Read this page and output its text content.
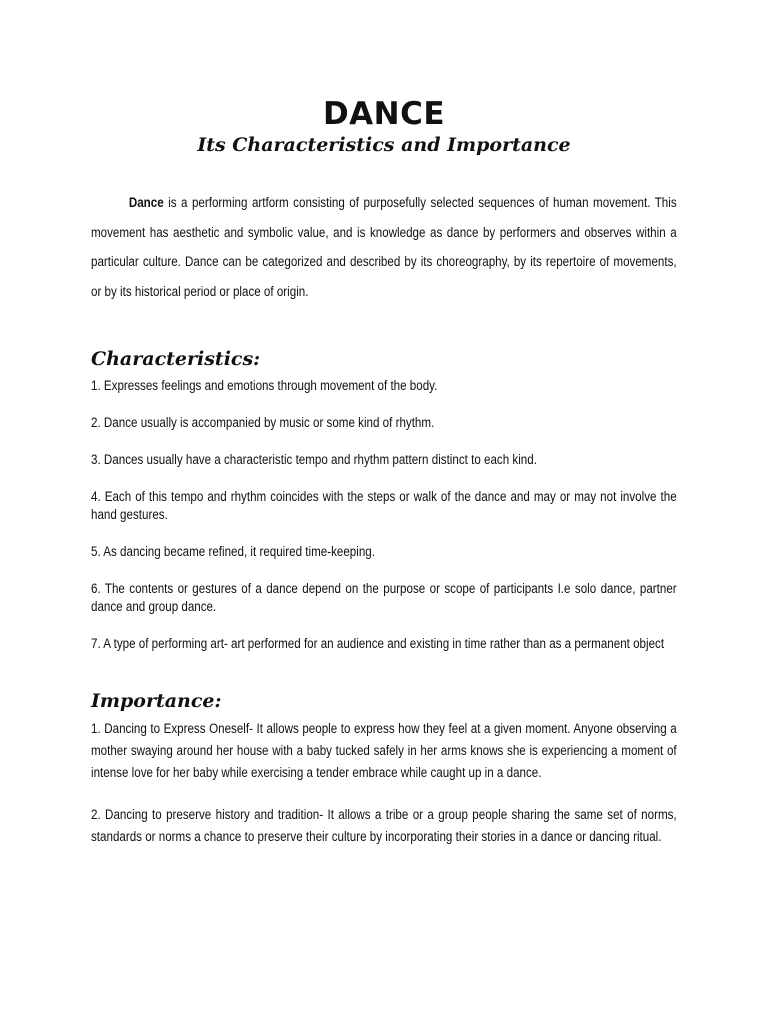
DANCE
Its Characteristics and Importance

Dance is a performing artform consisting of purposefully selected sequences of human movement. This movement has aesthetic and symbolic value, and is knowledge as dance by performers and observes within a particular culture. Dance can be categorized and described by its choreography, by its repertoire of movements, or by its historical period or place of origin.

Characteristics:
1. Expresses feelings and emotions through movement of the body.
2. Dance usually is accompanied by music or some kind of rhythm.
3. Dances usually have a characteristic tempo and rhythm pattern distinct to each kind.
4. Each of this tempo and rhythm coincides with the steps or walk of the dance and may or may not involve the hand gestures.
5. As dancing became refined, it required time-keeping.
6. The contents or gestures of a dance depend on the purpose or scope of participants I.e solo dance, partner dance and group dance.
7. A type of performing art- art performed for an audience and existing in time rather than as a permanent object
Importance:
1. Dancing to Express Oneself- It allows people to express how they feel at a given moment. Anyone observing a mother swaying around her house with a baby tucked safely in her arms knows she is experiencing a moment of intense love for her baby while exercising a tender embrace while caught up in a dance.
2. Dancing to preserve history and tradition- It allows a tribe or a group people sharing the same set of norms, standards or norms a chance to preserve their culture by incorporating their stories in a dance or dancing ritual.
